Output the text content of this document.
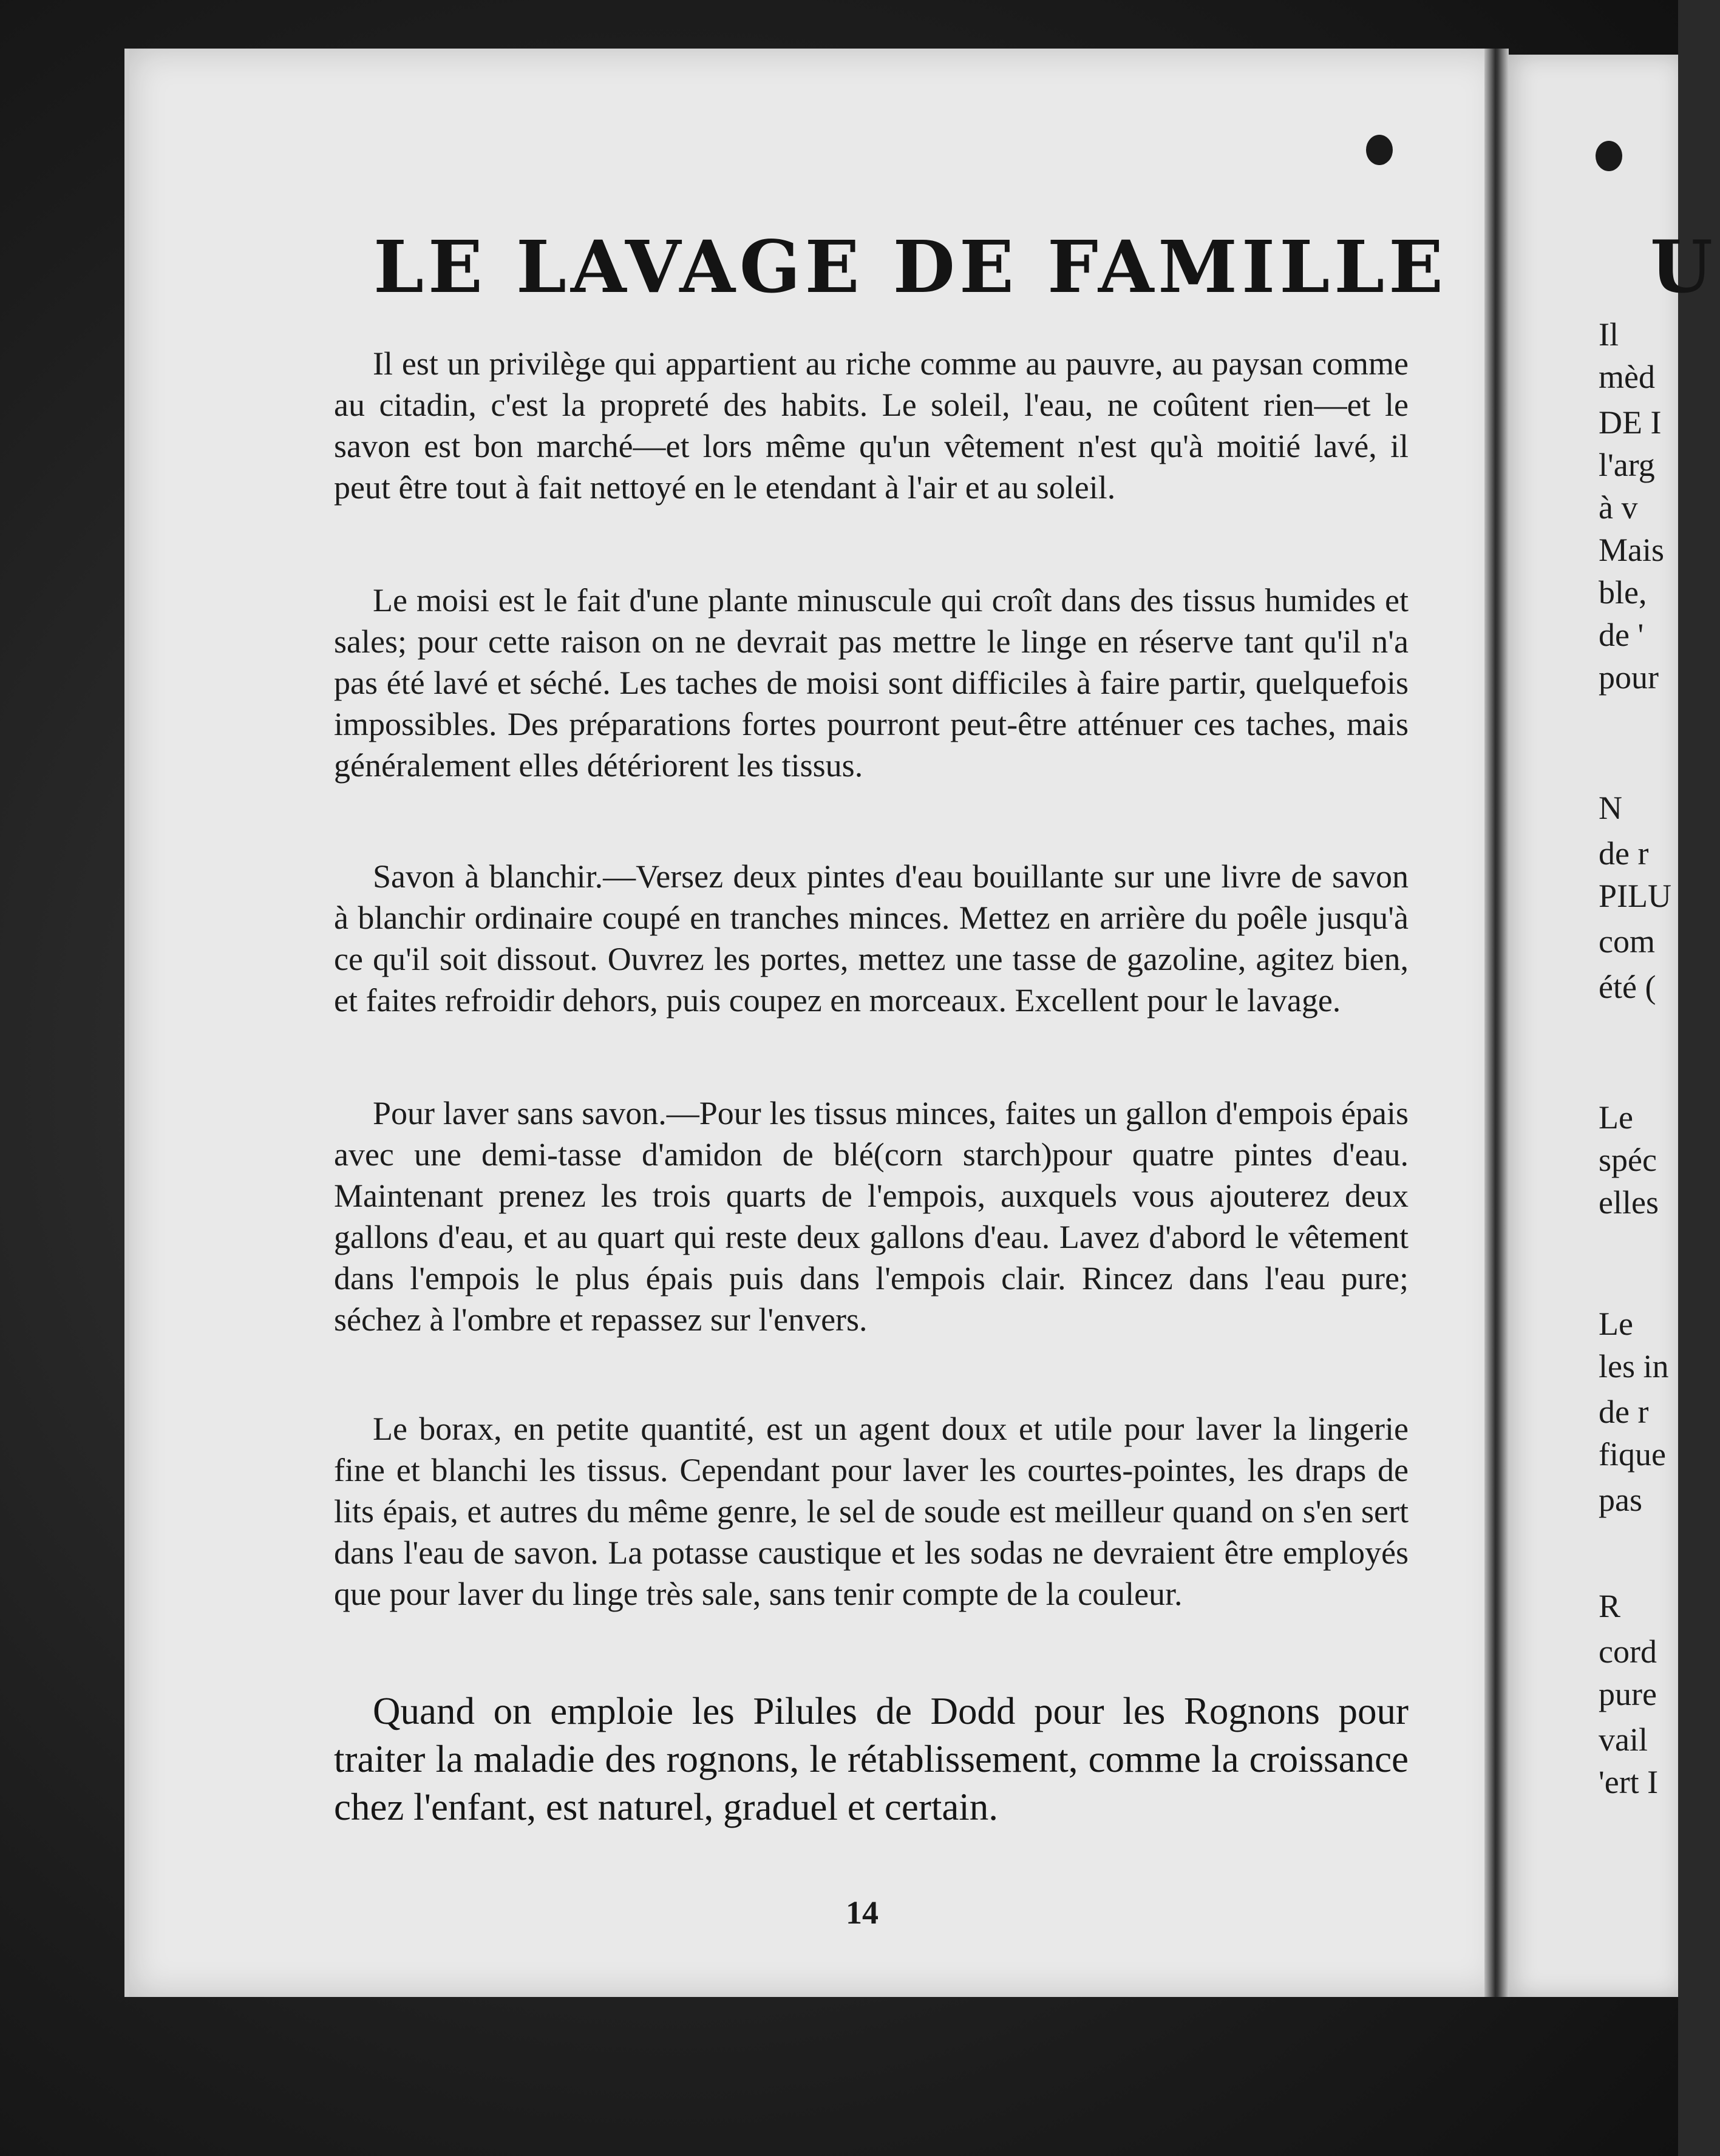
LE LAVAGE DE FAMILLE

Il est un privilège qui appartient au riche comme au pauvre, au paysan comme au citadin, c'est la propreté des habits. Le soleil, l'eau, ne coûtent rien—et le savon est bon marché—et lors même qu'un vêtement n'est qu'à moitié lavé, il peut être tout à fait nettoyé en le etendant à l'air et au soleil.

Le moisi est le fait d'une plante minuscule qui croît dans des tissus humides et sales; pour cette raison on ne devrait pas mettre le linge en réserve tant qu'il n'a pas été lavé et séché. Les taches de moisi sont difficiles à faire partir, quelquefois impossibles. Des préparations fortes pourront peut-être atténuer ces taches, mais généralement elles détériorent les tissus.

Savon à blanchir.—Versez deux pintes d'eau bouillante sur une livre de savon à blanchir ordinaire coupé en tranches minces. Mettez en arrière du poêle jusqu'à ce qu'il soit dissout. Ouvrez les portes, mettez une tasse de gazoline, agitez bien, et faites refroidir dehors, puis coupez en morceaux. Excellent pour le lavage.

Pour laver sans savon.—Pour les tissus minces, faites un gallon d'empois épais avec une demi-tasse d'amidon de blé(corn starch)pour quatre pintes d'eau. Maintenant prenez les trois quarts de l'empois, auxquels vous ajouterez deux gallons d'eau, et au quart qui reste deux gallons d'eau. Lavez d'abord le vêtement dans l'empois le plus épais puis dans l'empois clair. Rincez dans l'eau pure; séchez à l'ombre et repassez sur l'envers.

Le borax, en petite quantité, est un agent doux et utile pour laver la lingerie fine et blanchi les tissus. Cependant pour laver les courtes-pointes, les draps de lits épais, et autres du même genre, le sel de soude est meilleur quand on s'en sert dans l'eau de savon. La potasse caustique et les sodas ne devraient être employés que pour laver du linge très sale, sans tenir compte de la couleur.

Quand on emploie les Pilules de Dodd pour les Rognons pour traiter la maladie des rognons, le rétablissement, comme la croissance chez l'enfant, est naturel, graduel et certain.

14

U

Il

mèd

DE I

l'arg

à v

Mais

ble,

de '

pour

N

de r

PILU

com

été (

Le

spéc

elles

Le

les in

de r

fique

pas

R

cord

pure

vail

'ert I
